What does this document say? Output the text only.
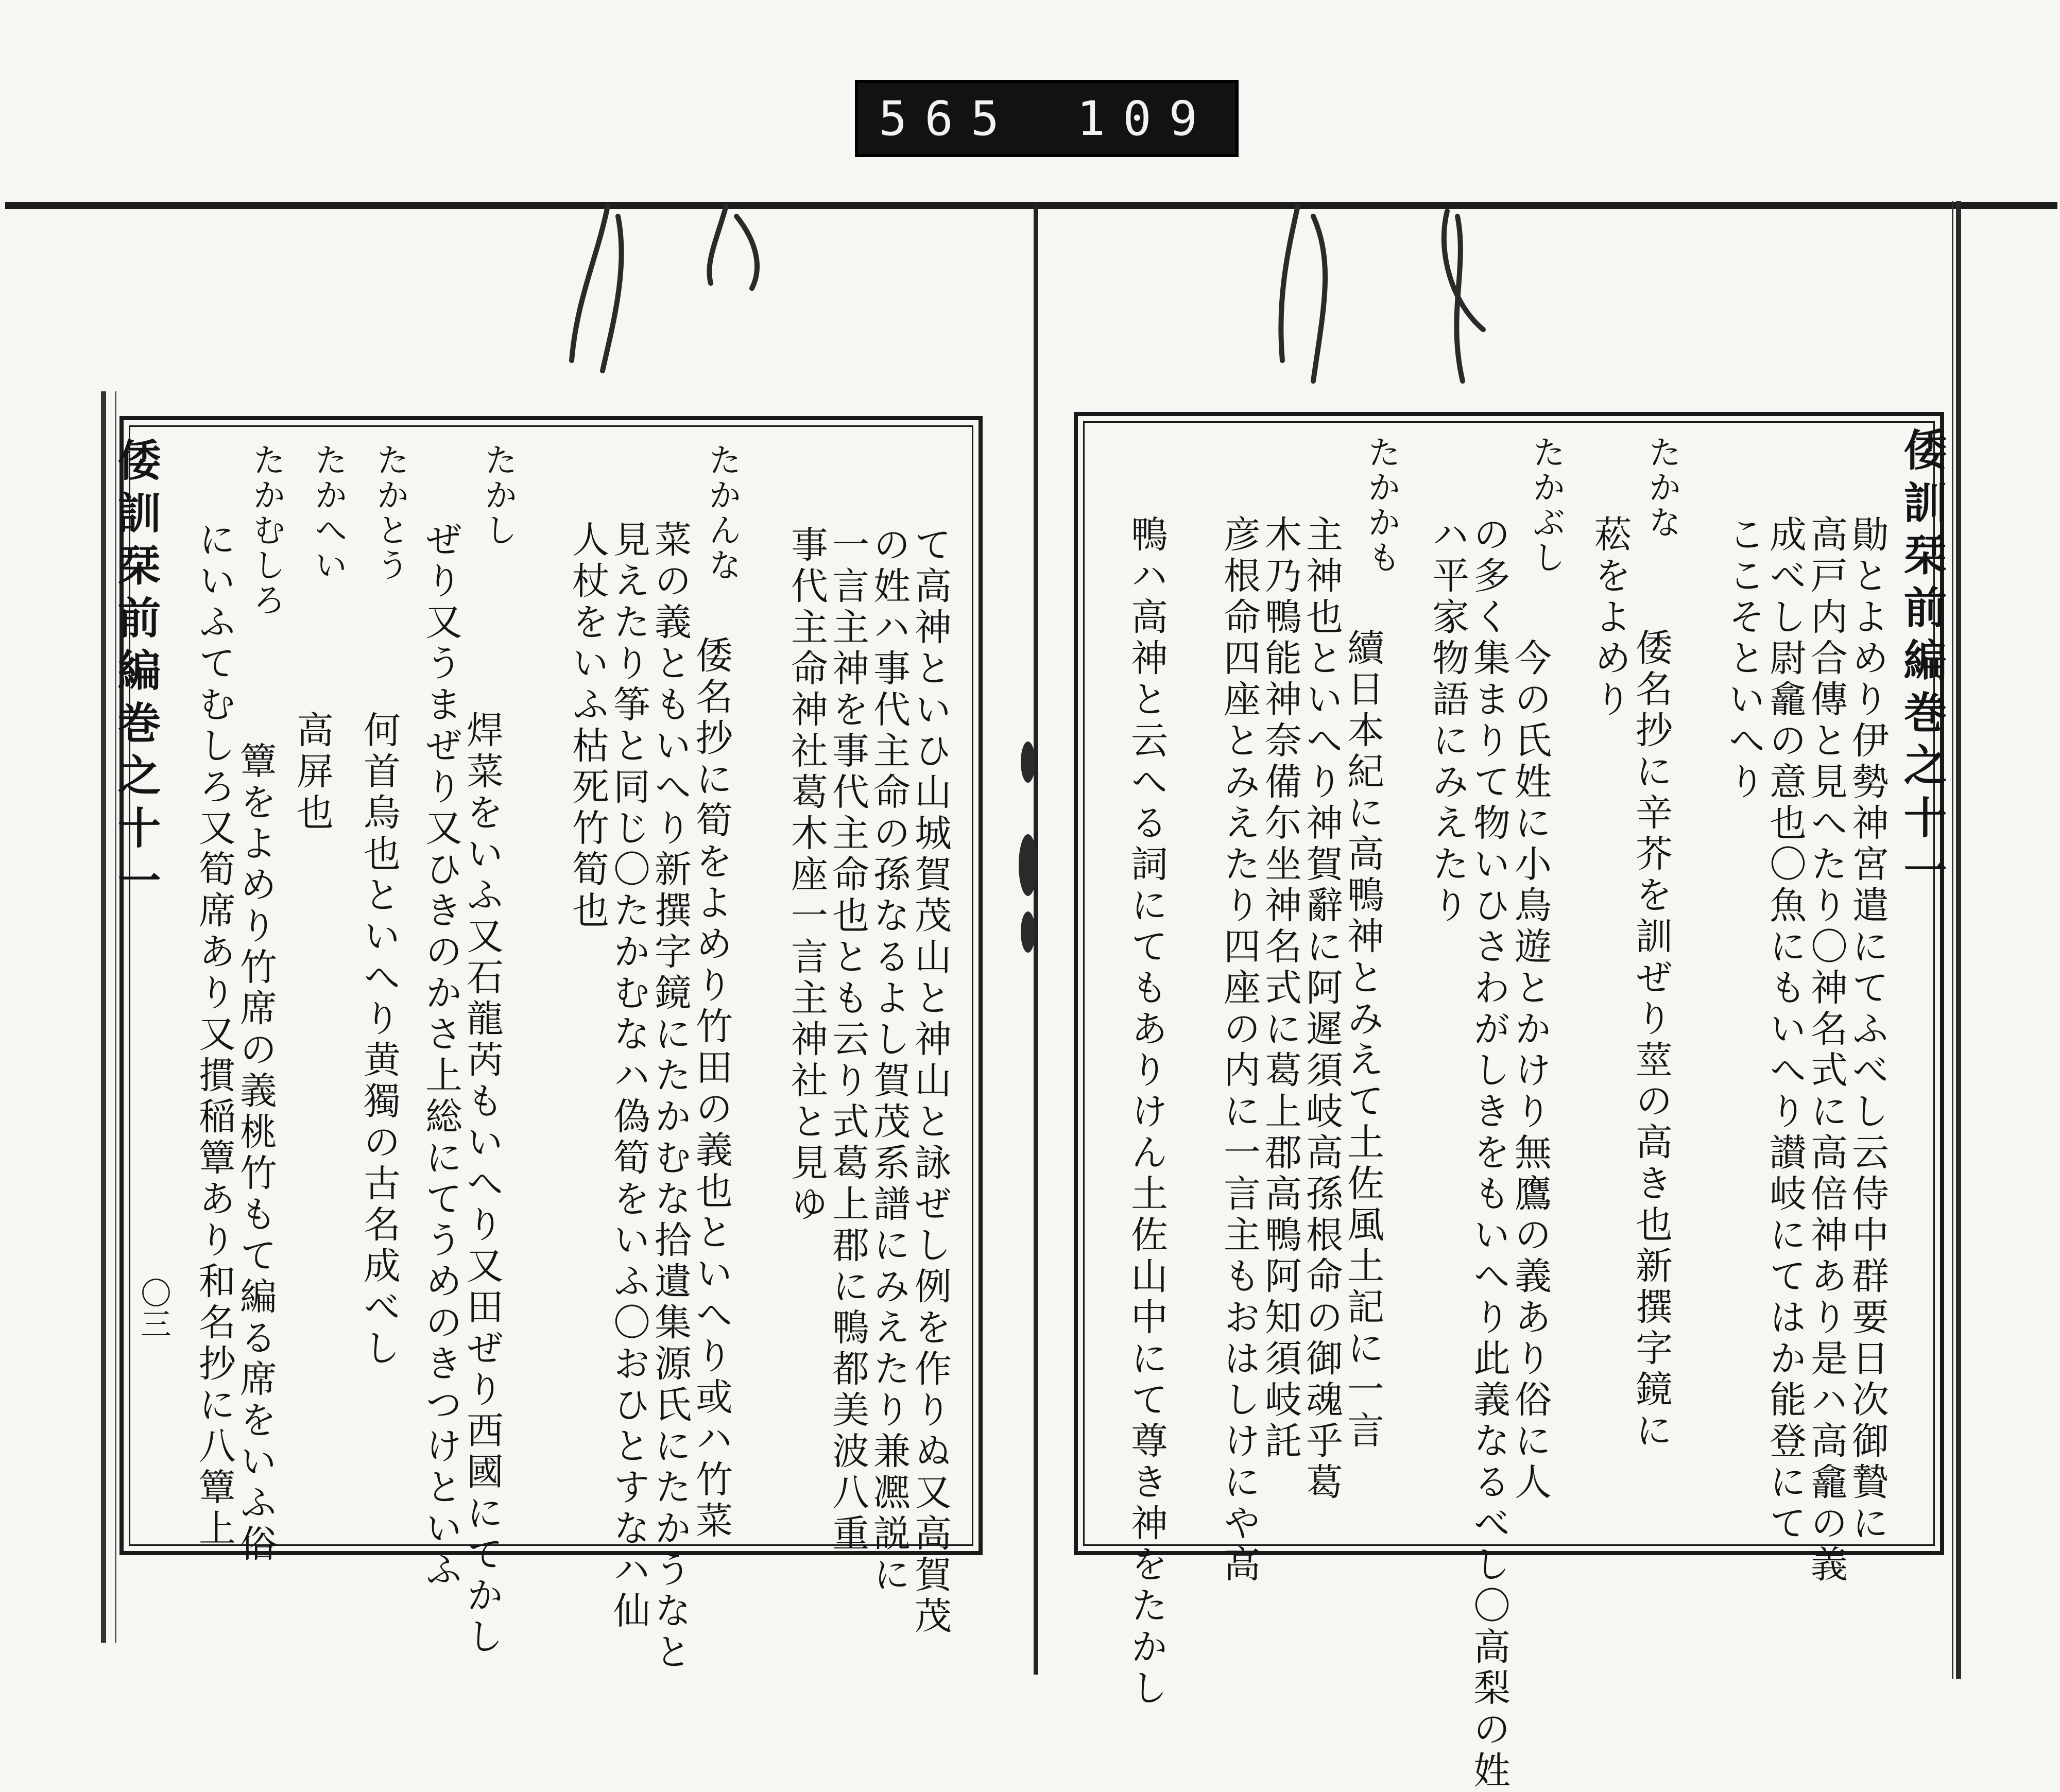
565 109
倭訓栞前編巻之十一
〇三	て高神といひ山城賀茂山と神山と詠ぜし例を作りぬ又高賀茂
の姓ハ事代主命の孫なるよし賀茂系譜にみえたり兼凞説に
一言主神を事代主命也とも云り式葛上郡に鴨都美波八重
事代主命神社葛木座一言主神社と見ゆ
たかんな
倭名抄に筍をよめり竹田の義也といへり或ハ竹菜
菜の義ともいへり新撰字鏡にたかむな拾遺集源氏にたかうなと
見えたり筝と同じ〇たかむなハ偽筍をいふ〇おひとすなハ仙
人杖をいふ枯死竹筍也
たかし
焊菜をいふ又石龍芮もいへり又田ぜり西國にてかし
ぜり又うまぜり又ひきのかさ上総にてうめのきつけといふ
たかとう
何首烏也といへり黄獨の古名成べし
たかへい
高屏也
たかむしろ
簟をよめり竹席の義桃竹もて編る席をいふ俗
にいふてむしろ又筍席あり又摜稲簟あり和名抄に八簟上	倭訓栞前編巻之十一
勛とよめり伊勢神宮遣にてふべし云侍中群要日次御贄に
高戸内合傳と見へたり〇神名式に高倍神あり是ハ高龕の義
成べし尉龕の意也〇魚にもいへり讃岐にてはか能登にて
ここそといへり
たかな
倭名抄に辛芥を訓ぜり莖の高き也新撰字鏡に
菘をよめり
たかぶし
今の氏姓に小鳥遊とかけり無鷹の義あり俗に人
の多く集まりて物いひさわがしきをもいへり此義なるべし〇高梨の姓
ハ平家物語にみえたり
たかかも
續日本紀に高鴨神とみえて土佐風土記に一言
主神也といへり神賀辭に阿遲須岐高孫根命の御魂乎葛
木乃鴨能神奈備尓坐神名式に葛上郡高鴨阿知須岐託
彦根命四座とみえたり四座の内に一言主もおはしけにや高
鴨ハ高神と云へる詞にてもありけん土佐山中にて尊き神をたかし
